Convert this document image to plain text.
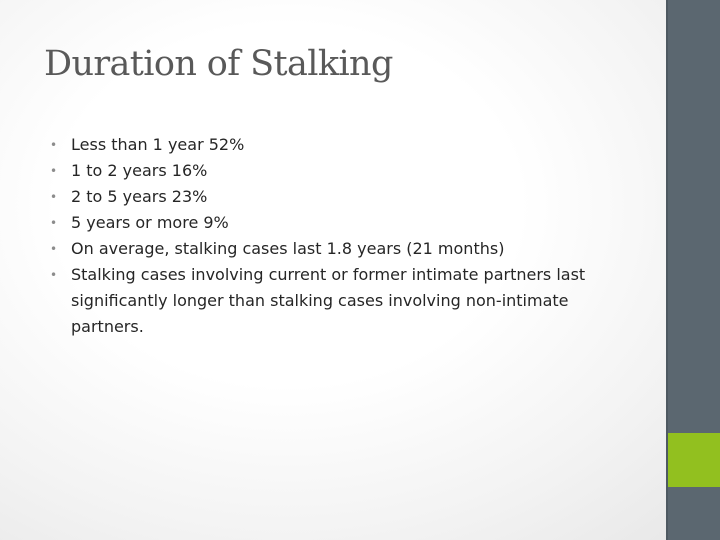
Duration of Stalking
• Less than 1 year 52%
• 1 to 2 years 16%
• 2 to 5 years 23%
• 5 years or more 9%
• On average, stalking cases last 1.8 years (21 months)
• Stalking cases involving current or former intimate partners last significantly longer than stalking cases involving non-intimate partners.
